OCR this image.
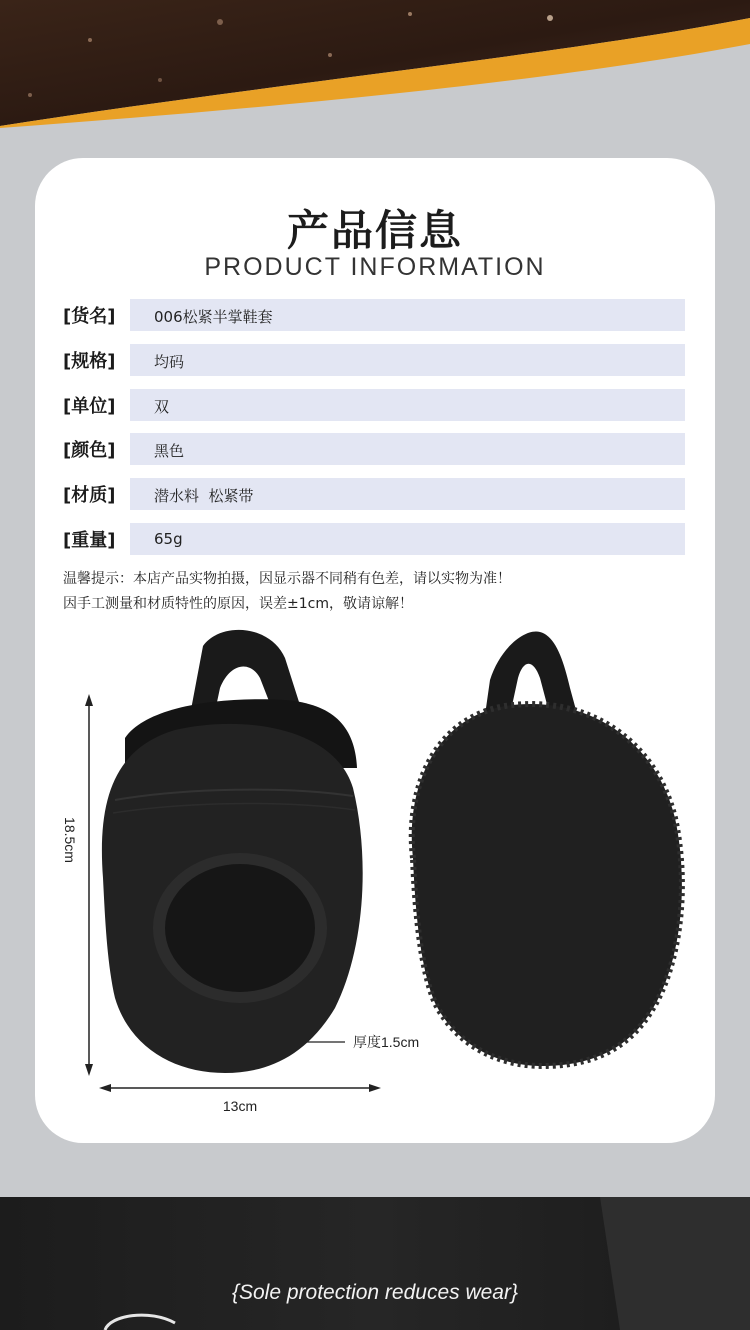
产品信息
PRODUCT INFORMATION
[货名]	006松紧半掌鞋套
[规格]	均码
[单位]	双
[颜色]	黑色
[材质]	潜水料  松紧带
[重量]	65g
温馨提示：本店产品实物拍摄，因显示器不同稍有色差，请以实物为准！
因手工测量和材质特性的原因，误差±1cm，敬请谅解！
18.5cm
13cm
厚度1.5cm
{Sole protection reduces wear}
